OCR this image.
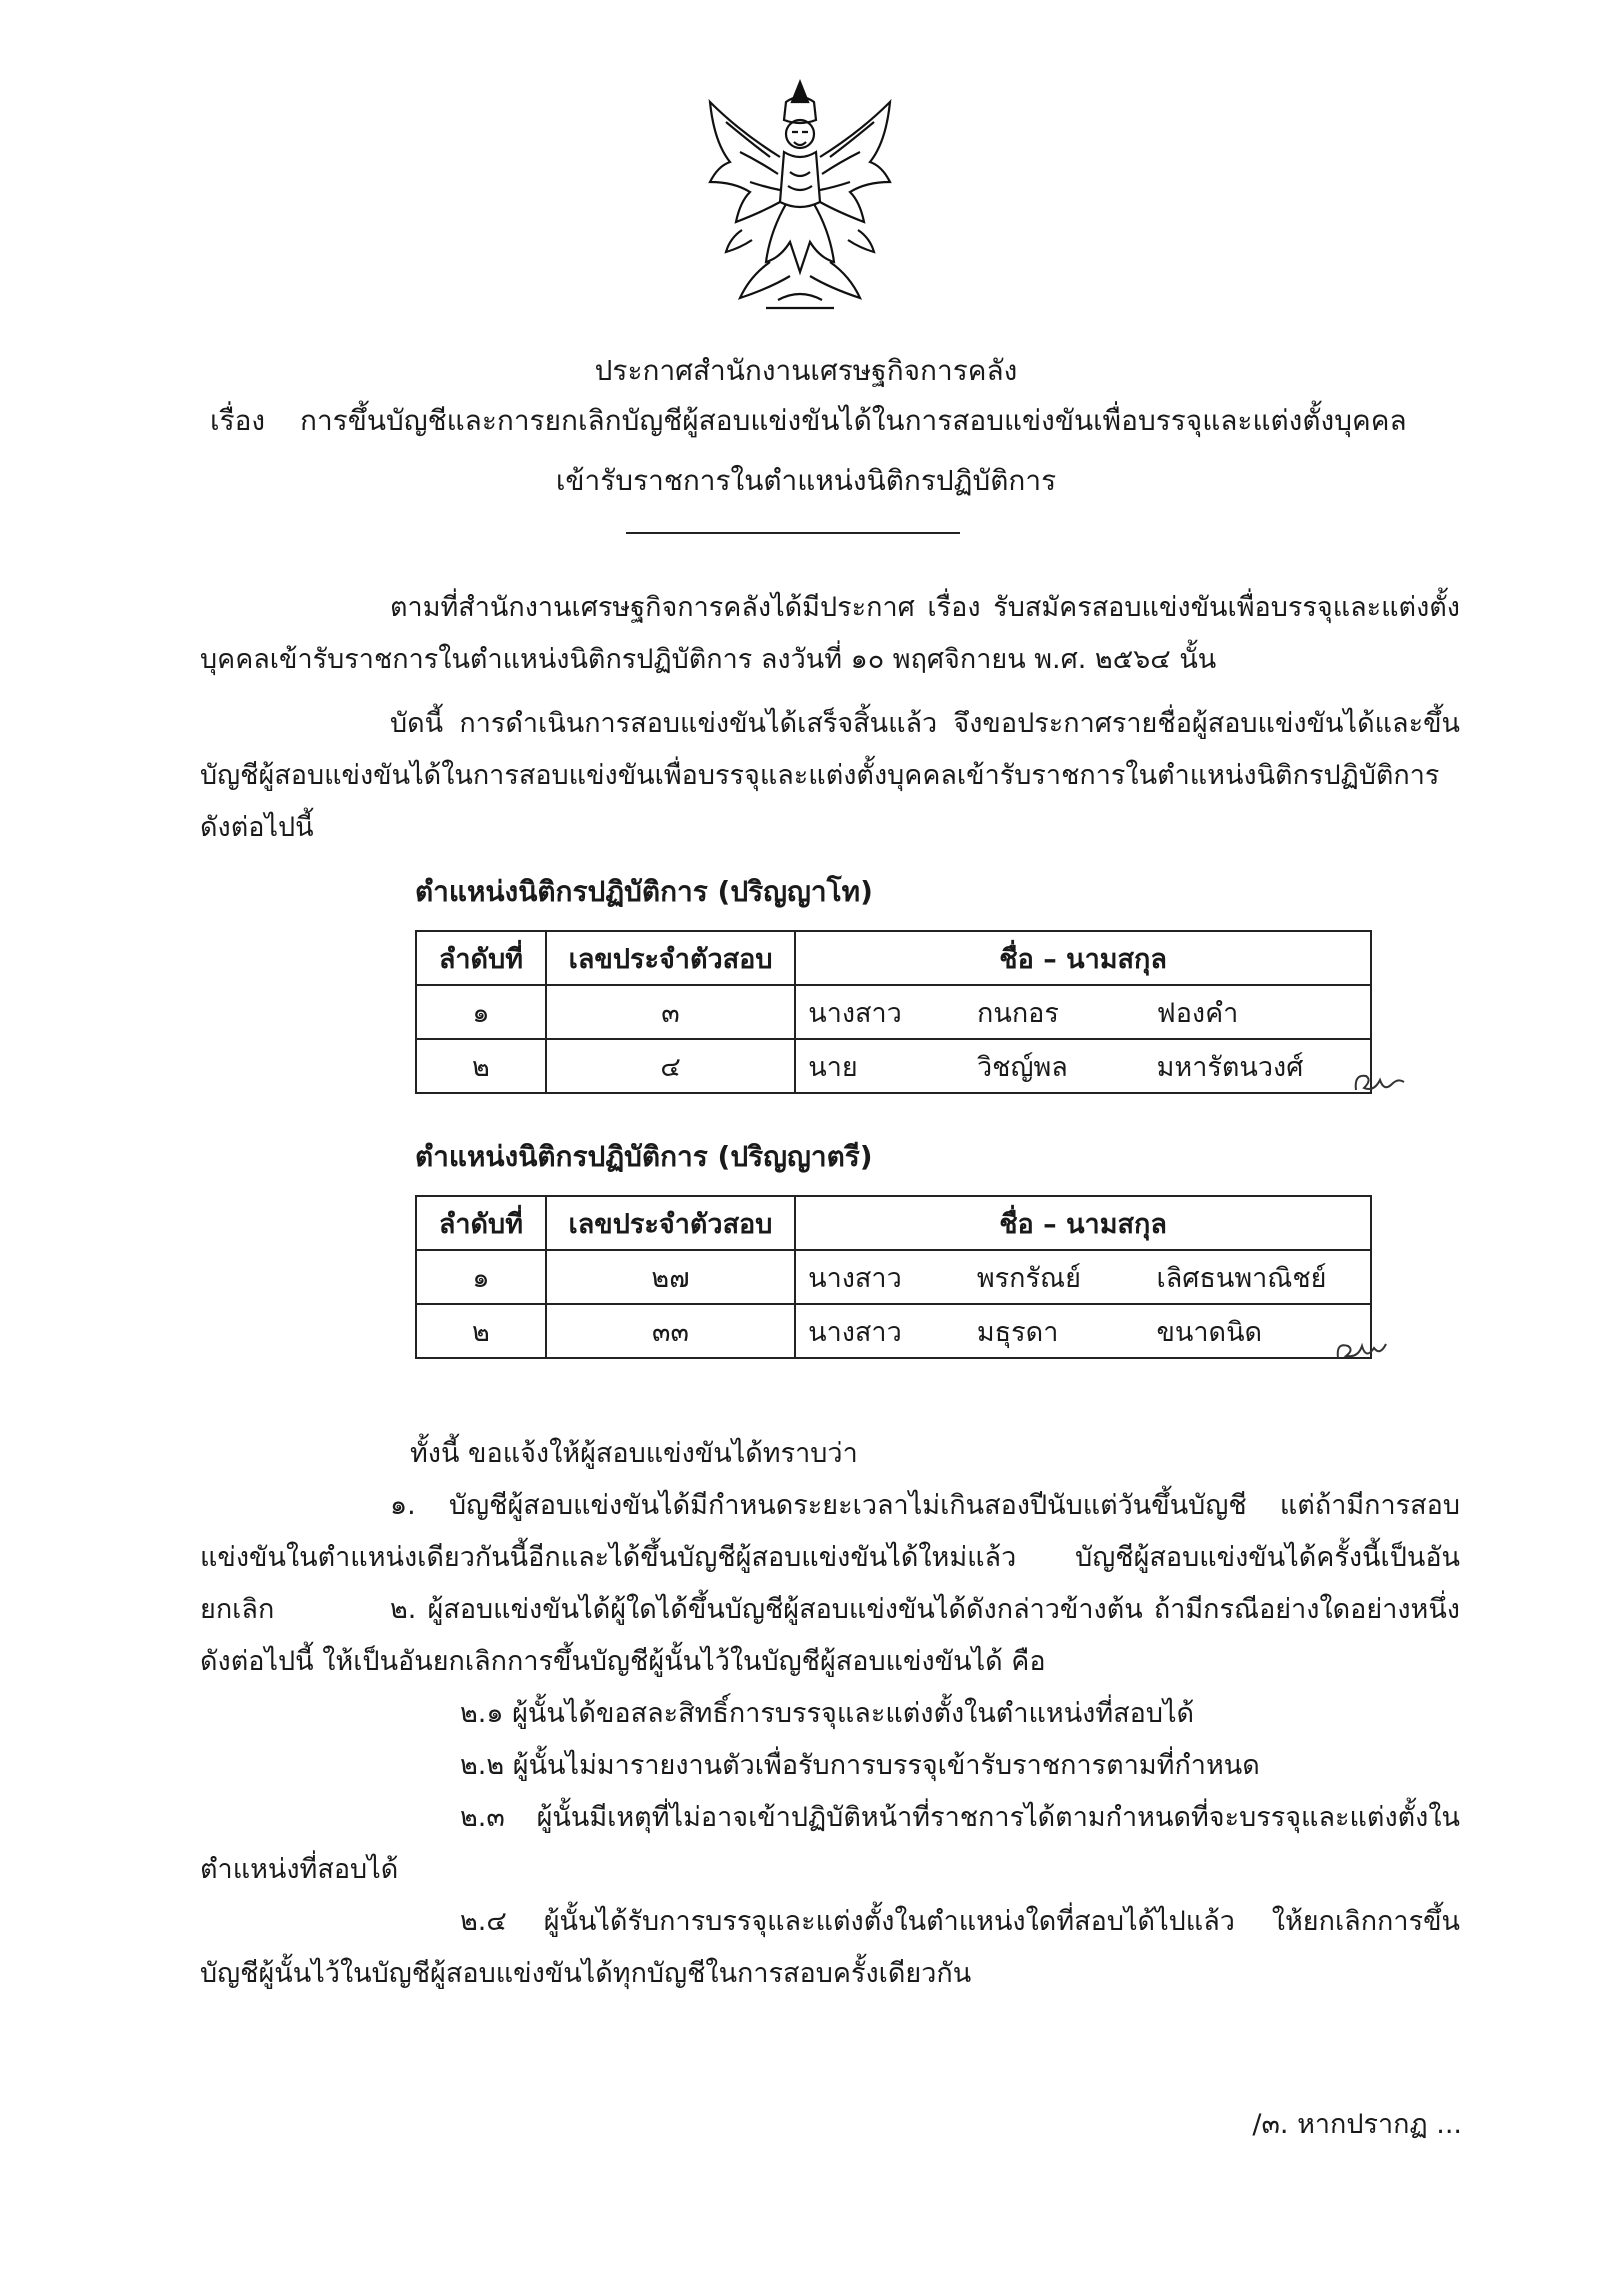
ประกาศสำนักงานเศรษฐกิจการคลัง
เรื่อง การขึ้นบัญชีและการยกเลิกบัญชีผู้สอบแข่งขันได้ในการสอบแข่งขันเพื่อบรรจุและแต่งตั้งบุคคล
เข้ารับราชการในตำแหน่งนิติกรปฏิบัติการ
ตามที่สำนักงานเศรษฐกิจการคลังได้มีประกาศ เรื่อง รับสมัครสอบแข่งขันเพื่อบรรจุและแต่งตั้งบุคคลเข้ารับราชการในตำแหน่งนิติกรปฏิบัติการ ลงวันที่ ๑๐ พฤศจิกายน พ.ศ. ๒๕๖๔ นั้น
บัดนี้ การดำเนินการสอบแข่งขันได้เสร็จสิ้นแล้ว จึงขอประกาศรายชื่อผู้สอบแข่งขันได้และขึ้นบัญชีผู้สอบแข่งขันได้ในการสอบแข่งขันเพื่อบรรจุและแต่งตั้งบุคคลเข้ารับราชการในตำแหน่งนิติกรปฏิบัติการ ดังต่อไปนี้
ตำแหน่งนิติกรปฏิบัติการ (ปริญญาโท)
ลำดับที่	เลขประจำตัวสอบ	ชื่อ – นามสกุล		
๑	๓	นางสาว	กนกอร	ฟองคำ
๒	๔	นาย	วิชญ์พล	มหารัตนวงศ์
ตำแหน่งนิติกรปฏิบัติการ (ปริญญาตรี)
ลำดับที่	เลขประจำตัวสอบ	ชื่อ – นามสกุล		
๑	๒๗	นางสาว	พรกรัณย์	เลิศธนพาณิชย์
๒	๓๓	นางสาว	มธุรดา	ขนาดนิด
ทั้งนี้ ขอแจ้งให้ผู้สอบแข่งขันได้ทราบว่า
๑. บัญชีผู้สอบแข่งขันได้มีกำหนดระยะเวลาไม่เกินสองปีนับแต่วันขึ้นบัญชี แต่ถ้ามีการสอบแข่งขันในตำแหน่งเดียวกันนี้อีกและได้ขึ้นบัญชีผู้สอบแข่งขันได้ใหม่แล้ว บัญชีผู้สอบแข่งขันได้ครั้งนี้เป็นอันยกเลิก	๒. ผู้สอบแข่งขันได้ผู้ใดได้ขึ้นบัญชีผู้สอบแข่งขันได้ดังกล่าวข้างต้น ถ้ามีกรณีอย่างใดอย่างหนึ่งดังต่อไปนี้ ให้เป็นอันยกเลิกการขึ้นบัญชีผู้นั้นไว้ในบัญชีผู้สอบแข่งขันได้ คือ
๒.๑ ผู้นั้นได้ขอสละสิทธิ์การบรรจุและแต่งตั้งในตำแหน่งที่สอบได้
๒.๒ ผู้นั้นไม่มารายงานตัวเพื่อรับการบรรจุเข้ารับราชการตามที่กำหนด
๒.๓ ผู้นั้นมีเหตุที่ไม่อาจเข้าปฏิบัติหน้าที่ราชการได้ตามกำหนดที่จะบรรจุและแต่งตั้งในตำแหน่งที่สอบได้
๒.๔ ผู้นั้นได้รับการบรรจุและแต่งตั้งในตำแหน่งใดที่สอบได้ไปแล้ว ให้ยกเลิกการขึ้นบัญชีผู้นั้นไว้ในบัญชีผู้สอบแข่งขันได้ทุกบัญชีในการสอบครั้งเดียวกัน
/๓. หากปรากฏ ...
